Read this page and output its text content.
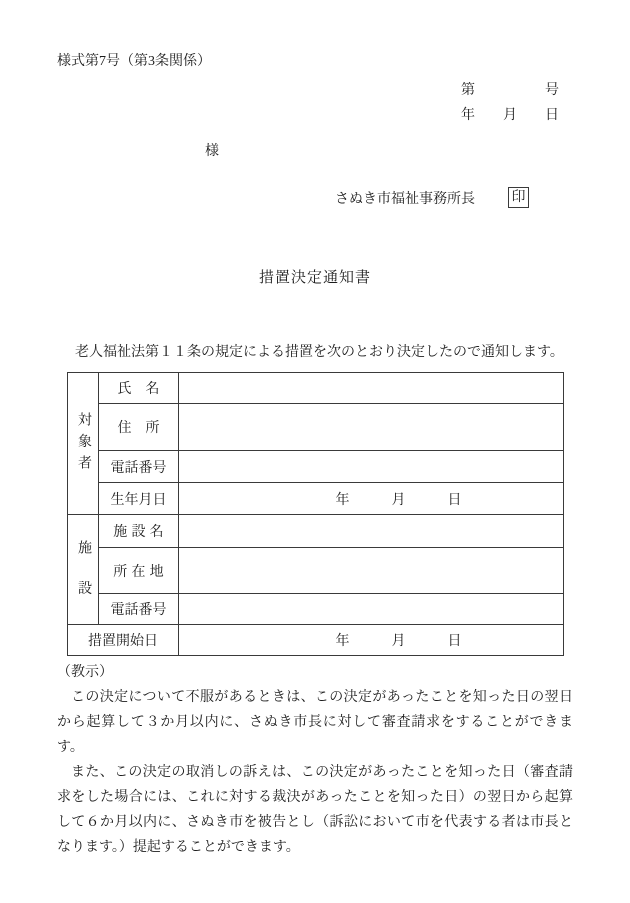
様式第7号（第3条関係）
第　　　　　号
年　　月　　日
様
さぬき市福祉事務所長	印
措置決定通知書
老人福祉法第１１条の規定による措置を次のとおり決定したので通知します。
対象者	氏　名	
	住　所	
	電話番号	
	生年月日	年　　　月　　　日
施設	施設名	
	所在地	
	電話番号	
措置開始日		年　　　月　　　日
（教示）

この決定について不服があるときは、この決定があったことを知った日の翌日から起算して３か月以内に、さぬき市長に対して審査請求をすることができます。

また、この決定の取消しの訴えは、この決定があったことを知った日（審査請求をした場合には、これに対する裁決があったことを知った日）の翌日から起算して６か月以内に、さぬき市を被告とし（訴訟において市を代表する者は市長となります。）提起することができます。
